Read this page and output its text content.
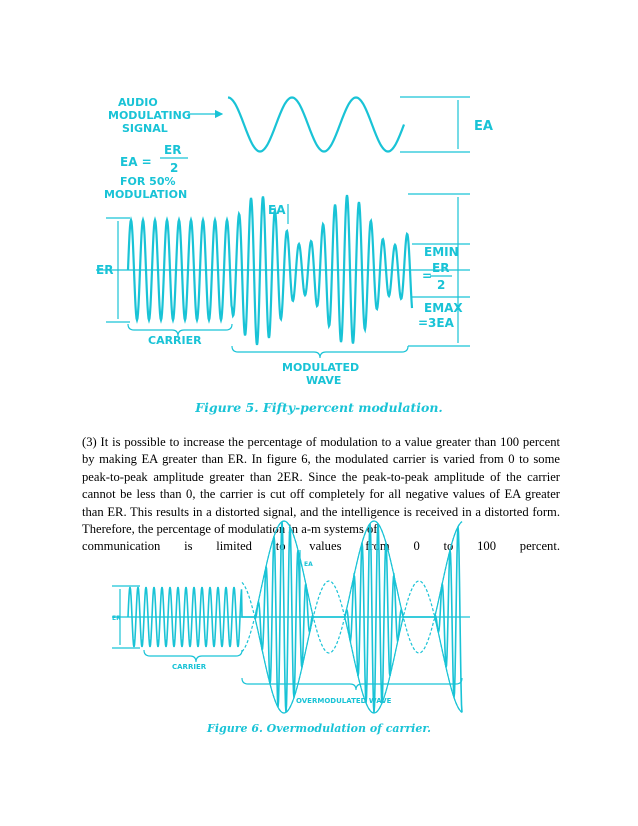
AUDIO
MODULATING
SIGNAL	EA
EA =
ER
2
FOR 50%
MODULATION
ER
EA
EMIN
=
ER
2
EMAX
=3EA
CARRIER
MODULATED
WAVE
Figure 5. Fifty-percent modulation.

(3) It is possible to increase the percentage of modulation to a value greater than 100 percent by making EA greater than ER. In figure 6, the modulated carrier is varied from 0 to some peak-to-peak amplitude greater than 2ER. Since the peak-to-peak amplitude of the carrier cannot be less than 0, the carrier is cut off completely for all negative values of EA greater than ER. This results in a distorted signal, and the intelligence is received in a distorted form. Therefore, the percentage of modulation in a-m systems of
communication is limited to values from 0 to 100 percent.

ER
EA
CARRIER
OVERMODULATED WAVE
Figure 6. Overmodulation of carrier.
